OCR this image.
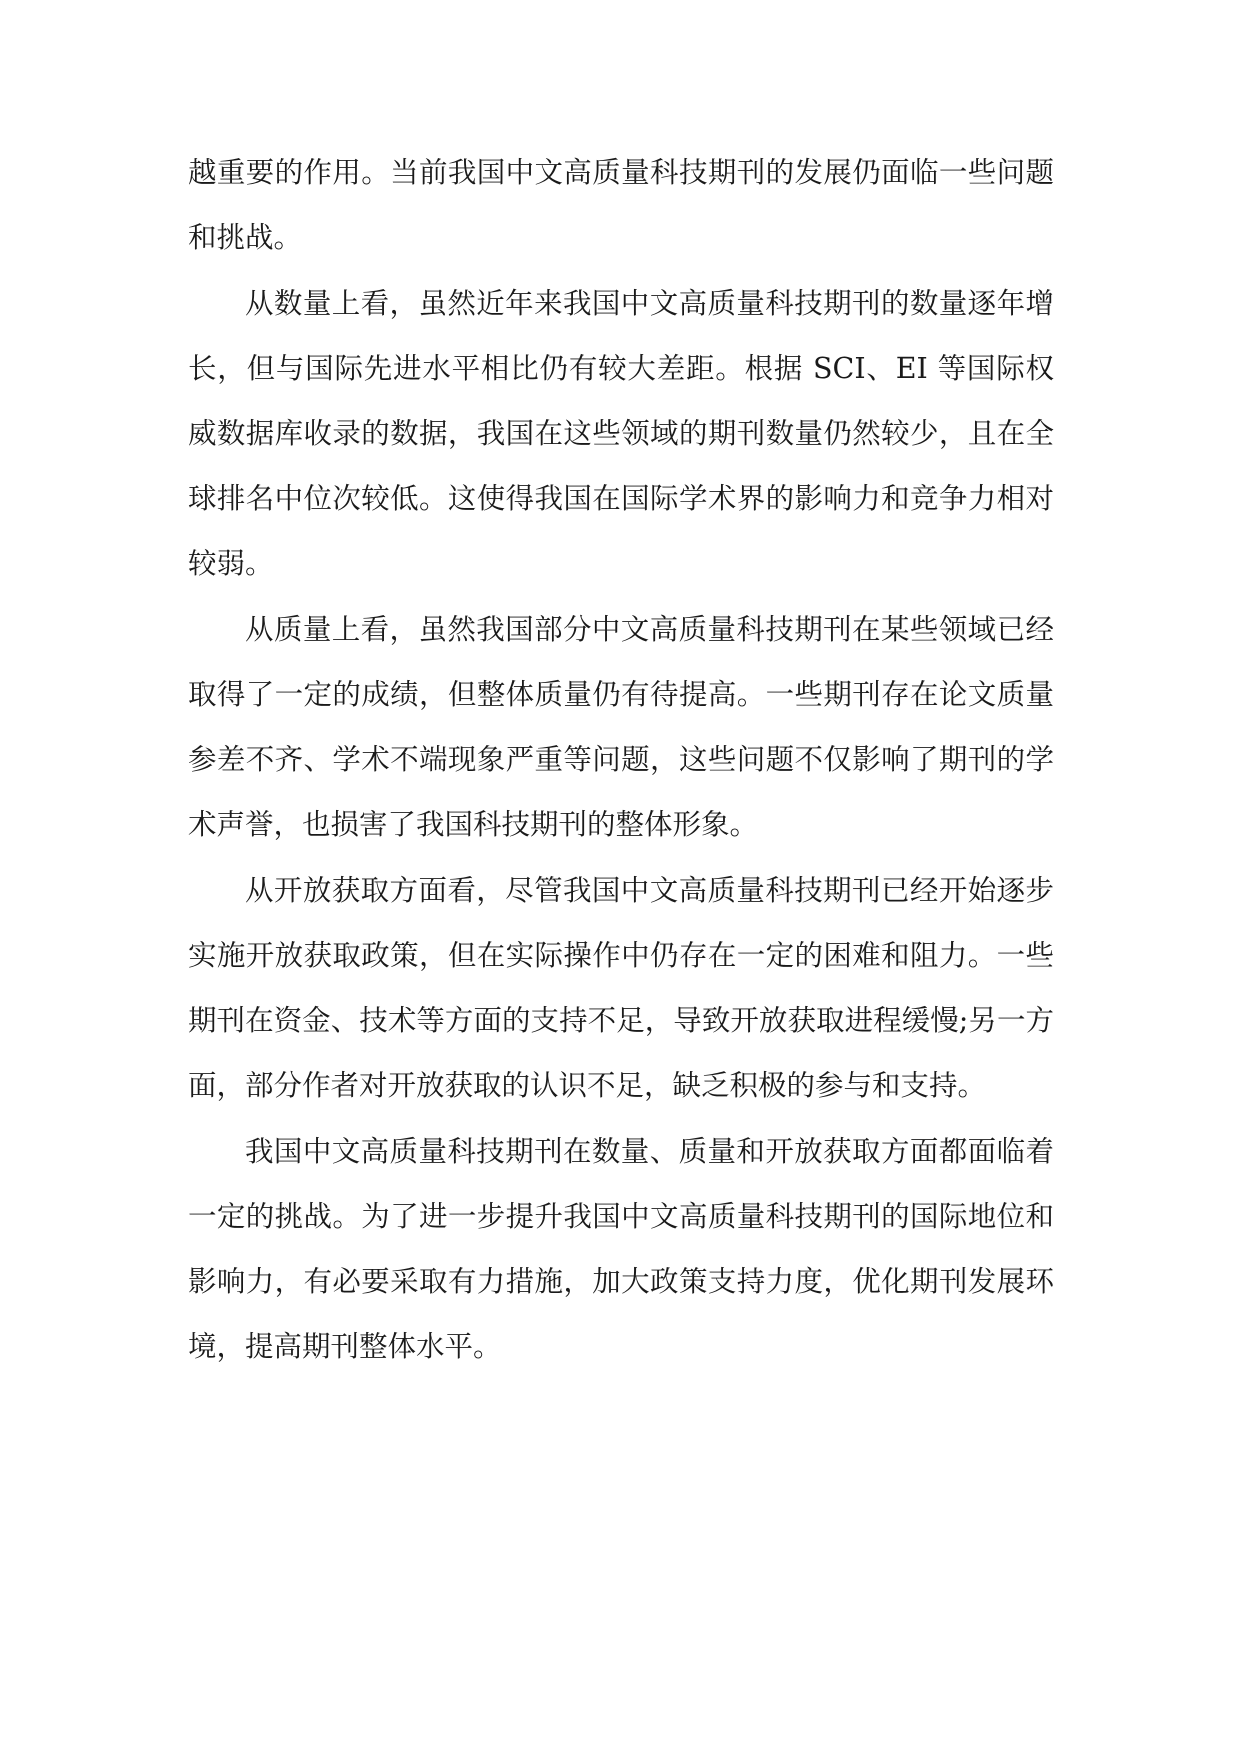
越重要的作用。当前我国中文高质量科技期刊的发展仍面临一些问题和挑战。

从数量上看，虽然近年来我国中文高质量科技期刊的数量逐年增长，但与国际先进水平相比仍有较大差距。根据 SCI、EI 等国际权威数据库收录的数据，我国在这些领域的期刊数量仍然较少，且在全球排名中位次较低。这使得我国在国际学术界的影响力和竞争力相对较弱。

从质量上看，虽然我国部分中文高质量科技期刊在某些领域已经取得了一定的成绩，但整体质量仍有待提高。一些期刊存在论文质量参差不齐、学术不端现象严重等问题，这些问题不仅影响了期刊的学术声誉，也损害了我国科技期刊的整体形象。

从开放获取方面看，尽管我国中文高质量科技期刊已经开始逐步实施开放获取政策，但在实际操作中仍存在一定的困难和阻力。一些期刊在资金、技术等方面的支持不足，导致开放获取进程缓慢;另一方面，部分作者对开放获取的认识不足，缺乏积极的参与和支持。

我国中文高质量科技期刊在数量、质量和开放获取方面都面临着一定的挑战。为了进一步提升我国中文高质量科技期刊的国际地位和影响力，有必要采取有力措施，加大政策支持力度，优化期刊发展环境，提高期刊整体水平。
